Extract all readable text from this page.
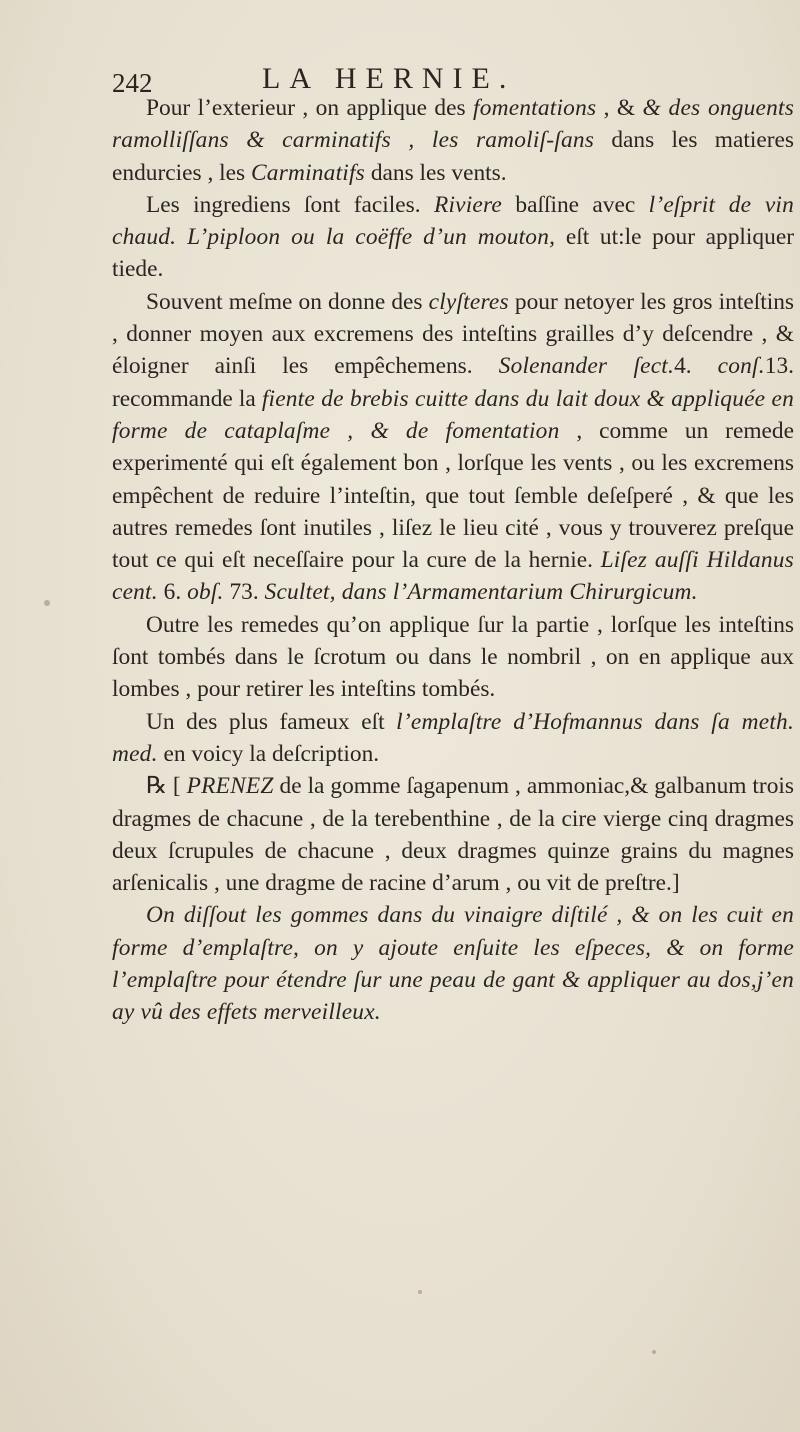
242	LA HERNIE.

Pour l’exterieur , on applique des fomentations , & & des onguents ramolliſſans & carminatifs , les ramoliſ-ſans dans les matieres endurcies , les Carminatifs dans les vents.

Les ingrediens ſont faciles. Riviere baſſine avec l’eſprit de vin chaud. L’piploon ou la coëffe d’un mouton, eſt ut:le pour appliquer tiede.

Souvent meſme on donne des clyſteres pour netoyer les gros inteſtins , donner moyen aux excremens des inteſtins grailles d’y deſcendre , & éloigner ainſi les empêchemens. Solenander ſect.4. conſ.13. recommande la fiente de brebis cuitte dans du lait doux & appliquée en forme de cataplaſme , & de fomentation , comme un remede experimenté qui eſt également bon , lorſque les vents , ou les excremens empêchent de reduire l’inteſtin, que tout ſemble deſeſperé , & que les autres remedes ſont inutiles , liſez le lieu cité , vous y trouverez preſque tout ce qui eſt neceſſaire pour la cure de la hernie. Liſez auſſi Hildanus cent. 6. obſ. 73. Scultet, dans l’Armamentarium Chirurgicum.

Outre les remedes qu’on applique ſur la partie , lorſque les inteſtins ſont tombés dans le ſcrotum ou dans le nombril , on en applique aux lombes , pour retirer les inteſtins tombés.

Un des plus fameux eſt l’emplaſtre d’Hofmannus dans ſa meth. med. en voicy la deſcription.

℞ [ PRENEZ de la gomme ſagapenum , ammoniac,& galbanum trois dragmes de chacune , de la terebenthine , de la cire vierge cinq dragmes deux ſcrupules de chacune , deux dragmes quinze grains du magnes arſenicalis , une dragme de racine d’arum , ou vit de preſtre.]

On diſſout les gommes dans du vinaigre diſtilé , & on les cuit en forme d’emplaſtre, on y ajoute enſuite les eſpeces, & on forme l’emplaſtre pour étendre ſur une peau de gant & appliquer au dos,j’en ay vû des effets merveilleux.
